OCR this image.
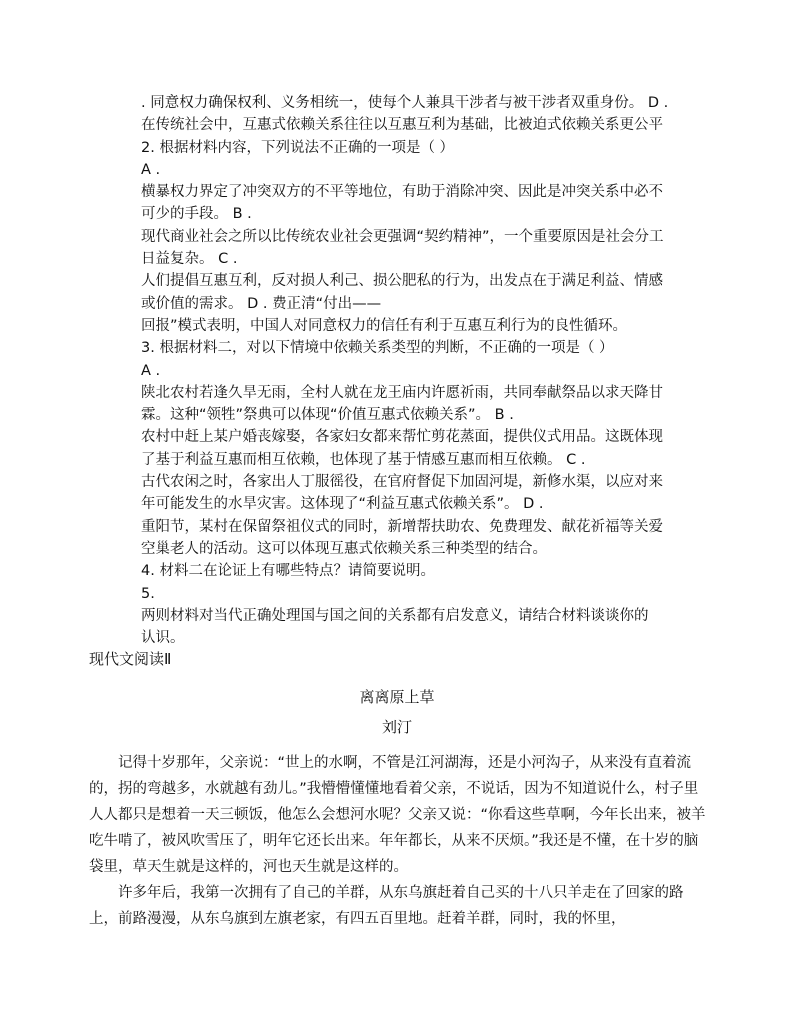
. 同意权力确保权利、义务相统一，使每个人兼具干涉者与被干涉者双重身份。 D .
在传统社会中，互惠式依赖关系往往以互惠互利为基础，比被迫式依赖关系更公平
2. 根据材料内容，下列说法不正确的一项是（ ）
A .
横暴权力界定了冲突双方的不平等地位，有助于消除冲突、因此是冲突关系中必不
可少的手段。 B .
现代商业社会之所以比传统农业社会更强调“契约精神”，一个重要原因是社会分工
日益复杂。 C .
人们提倡互惠互利，反对损人利己、损公肥私的行为，出发点在于满足利益、情感
或价值的需求。 D . 费正清“付出——
回报”模式表明，中国人对同意权力的信任有利于互惠互利行为的良性循环。
3. 根据材料二，对以下情境中依赖关系类型的判断，不正确的一项是（ ）
A .
陕北农村若逢久旱无雨，全村人就在龙王庙内许愿祈雨，共同奉献祭品以求天降甘
霖。这种“领牲”祭典可以体现“价值互惠式依赖关系”。 B .
农村中赶上某户婚丧嫁娶，各家妇女都来帮忙剪花蒸面，提供仪式用品。这既体现
了基于利益互惠而相互依赖，也体现了基于情感互惠而相互依赖。 C .
古代农闲之时，各家出人丁服徭役，在官府督促下加固河堤，新修水渠，以应对来
年可能发生的水旱灾害。这体现了“利益互惠式依赖关系”。 D .
重阳节，某村在保留祭祖仪式的同时，新增帮扶助农、免费理发、献花祈福等关爱
空巢老人的活动。这可以体现互惠式依赖关系三种类型的结合。
4. 材料二在论证上有哪些特点？请简要说明。
5.
两则材料对当代正确处理国与国之间的关系都有启发意义，请结合材料谈谈你的
认识。
现代文阅读Ⅱ
离离原上草
刘汀

记得十岁那年，父亲说：“世上的水啊，不管是江河湖海，还是小河沟子，从来没有直着流的，拐的弯越多，水就越有劲儿。”我懵懵懂懂地看着父亲，不说话，因为不知道说什么，村子里人人都只是想着一天三顿饭，他怎么会想河水呢？父亲又说：“你看这些草啊，今年长出来，被羊吃牛啃了，被风吹雪压了，明年它还长出来。年年都长，从来不厌烦。”我还是不懂，在十岁的脑袋里，草天生就是这样的，河也天生就是这样的。

许多年后，我第一次拥有了自己的羊群，从东乌旗赶着自己买的十八只羊走在了回家的路上，前路漫漫，从东乌旗到左旗老家，有四五百里地。赶着羊群，同时，我的怀里，
